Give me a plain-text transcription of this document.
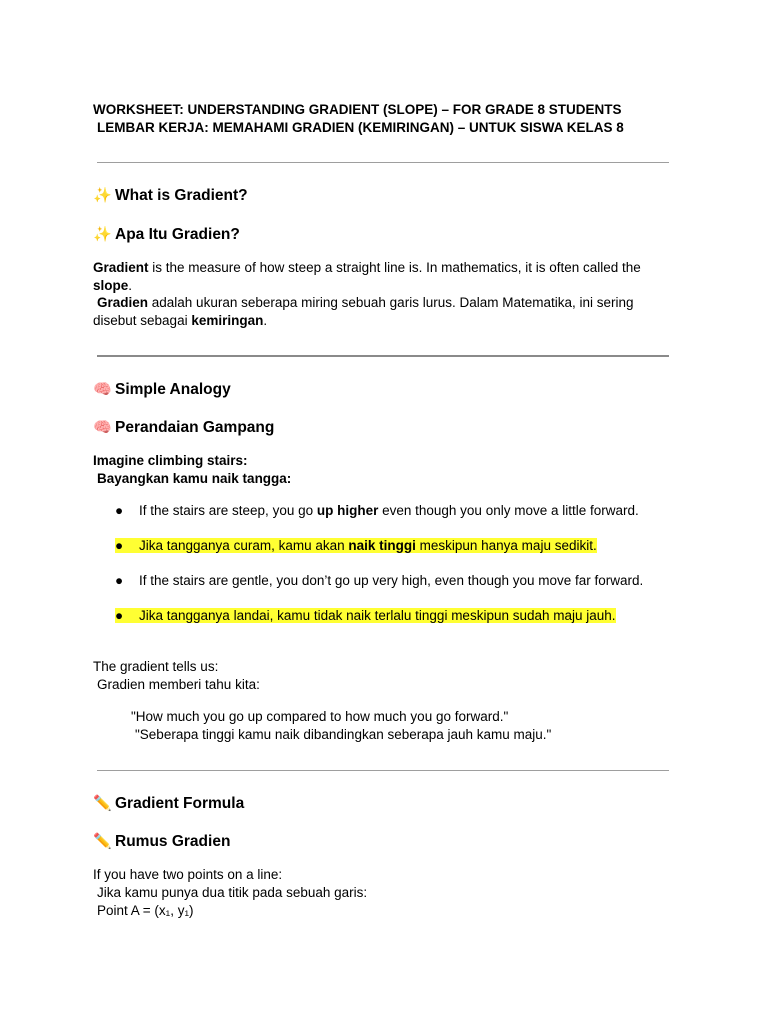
WORKSHEET: UNDERSTANDING GRADIENT (SLOPE) – FOR GRADE 8 STUDENTS
LEMBAR KERJA: MEMAHAMI GRADIEN (KEMIRINGAN) – UNTUK SISWA KELAS 8
✨ What is Gradient?
✨ Apa Itu Gradien?
Gradient is the measure of how steep a straight line is. In mathematics, it is often called the
slope.
Gradien adalah ukuran seberapa miring sebuah garis lurus. Dalam Matematika, ini sering
disebut sebagai kemiringan.
🧠 Simple Analogy
🧠 Perandaian Gampang
Imagine climbing stairs:
Bayangkan kamu naik tangga:
● If the stairs are steep, you go up higher even though you only move a little forward.
● Jika tangganya curam, kamu akan naik tinggi meskipun hanya maju sedikit.
● If the stairs are gentle, you don’t go up very high, even though you move far forward.
● Jika tangganya landai, kamu tidak naik terlalu tinggi meskipun sudah maju jauh.
The gradient tells us:
Gradien memberi tahu kita:
"How much you go up compared to how much you go forward."
"Seberapa tinggi kamu naik dibandingkan seberapa jauh kamu maju."
✏️ Gradient Formula
✏️ Rumus Gradien
If you have two points on a line:
Jika kamu punya dua titik pada sebuah garis:
Point A = (x₁, y₁)
